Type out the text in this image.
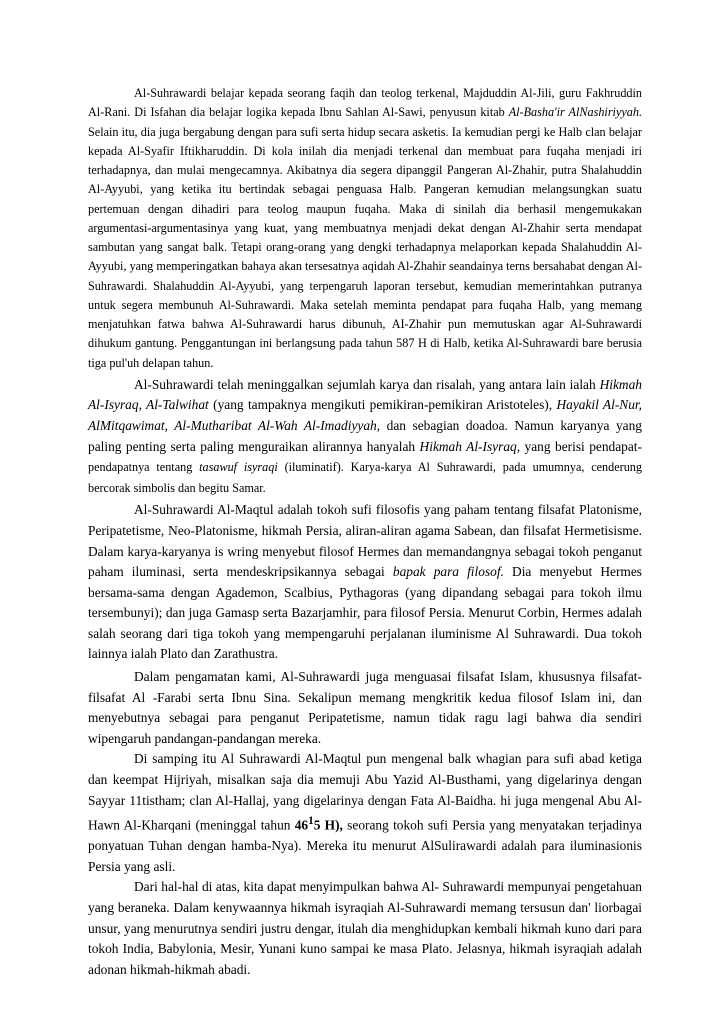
Al-Suhrawardi belajar kepada seorang faqih dan teolog terkenal, Majduddin Al-Jili, guru Fakhruddin Al-Rani. Di Isfahan dia belajar logika kepada Ibnu Sahlan Al-Sawi, penyusun kitab Al-Basha'ir AlNashiriyyah. Selain itu, dia juga bergabung dengan para sufi serta hidup secara asketis. Ia kemudian pergi ke Halb clan belajar kepada Al-Syafir Iftikharuddin. Di kola inilah dia menjadi terkenal dan membuat para fuqaha menjadi iri terhadapnya, dan mulai mengecamnya. Akibatnya dia segera dipanggil Pangeran Al-Zhahir, putra Shalahuddin Al-Ayyubi, yang ketika itu bertindak sebagai penguasa Halb. Pangeran kemudian melangsungkan suatu pertemuan dengan dihadiri para teolog maupun fuqaha. Maka di sinilah dia berhasil mengemukakan argumentasi-argumentasinya yang kuat, yang membuatnya menjadi dekat dengan Al-Zhahir serta mendapat sambutan yang sangat balk. Tetapi orang-orang yang dengki terhadapnya melaporkan kepada Shalahuddin Al-Ayyubi, yang memperingatkan bahaya akan tersesatnya aqidah Al-Zhahir seandainya terns bersahabat dengan Al-Suhrawardi. Shalahuddin Al-Ayyubi, yang terpengaruh laporan tersebut, kemudian memerintahkan putranya untuk segera membunuh Al-Suhrawardi. Maka setelah meminta pendapat para fuqaha Halb, yang memang menjatuhkan fatwa bahwa Al-Suhrawardi harus dibunuh, AI-Zhahir pun memutuskan agar Al-Suhrawardi dihukum gantung. Penggantungan ini berlangsung pada tahun 587 H di Halb, ketika Al-Suhrawardi bare berusia tiga pul'uh delapan tahun.

Al-Suhrawardi telah meninggalkan sejumlah karya dan risalah, yang antara lain ialah Hikmah Al-Isyraq, Al-Talwihat (yang tampaknya mengikuti pemikiran-pemikiran Aristoteles), Hayakil Al-Nur, AlMitqawimat, Al-Mutharibat Al-Wah Al-Imadiyyah, dan sebagian doadoa. Namun karyanya yang paling penting serta paling menguraikan alirannya hanyalah Hikmah Al-Isyraq, yang berisi pendapat-pendapatnya tentang tasawuf isyraqi (iluminatif). Karya-karya Al Suhrawardi, pada umumnya, cenderung bercorak simbolis dan begitu Samar.

Al-Suhrawardi Al-Maqtul adalah tokoh sufi filosofis yang paham tentang filsafat Platonisme, Peripatetisme, Neo-Platonisme, hikmah Persia, aliran-aliran agama Sabean, dan filsafat Hermetisisme. Dalam karya-karyanya is wring menyebut filosof Hermes dan memandangnya sebagai tokoh penganut paham iluminasi, serta mendeskripsikannya sebagai bapak para filosof. Dia menyebut Hermes bersama-sama dengan Agademon, Scalbius, Pythagoras (yang dipandang sebagai para tokoh ilmu tersembunyi); dan juga Gamasp serta Bazarjamhir, para filosof Persia. Menurut Corbin, Hermes adalah salah seorang dari tiga tokoh yang mempengaruhi perjalanan iluminisme Al Suhrawardi. Dua tokoh lainnya ialah Plato dan Zarathustra.

Dalam pengamatan kami, Al-Suhrawardi juga menguasai filsafat Islam, khususnya filsafat-filsafat Al -Farabi serta Ibnu Sina. Sekalipun memang mengkritik kedua filosof Islam ini, dan menyebutnya sebagai para penganut Peripatetisme, namun tidak ragu lagi bahwa dia sendiri wipengaruh pandangan-pandangan mereka.

Di samping itu Al Suhrawardi Al-Maqtul pun mengenal balk whagian para sufi abad ketiga dan keempat Hijriyah, misalkan saja dia memuji Abu Yazid Al-Busthami, yang digelarinya dengan Sayyar 11tistham; clan Al-Hallaj, yang digelarinya dengan Fata Al-Baidha. hi juga mengenal Abu Al-Hawn Al-Kharqani (meninggal tahun $46^15$ H), seorang tokoh sufi Persia yang menyatakan terjadinya ponyatuan Tuhan dengan hamba-Nya). Mereka itu menurut AlSulirawardi adalah para iluminasionis Persia yang asli.

Dari hal-hal di atas, kita dapat menyimpulkan bahwa Al- Suhrawardi mempunyai pengetahuan yang beraneka. Dalam kenywaannya hikmah isyraqiah Al-Suhrawardi memang tersusun dan' liorbagai unsur, yang menurutnya sendiri justru dengar, itulah dia menghidupkan kembali hikmah kuno dari para tokoh India, Babylonia, Mesir, Yunani kuno sampai ke masa Plato. Jelasnya, hikmah isyraqiah adalah adonan hikmah-hikmah abadi.
